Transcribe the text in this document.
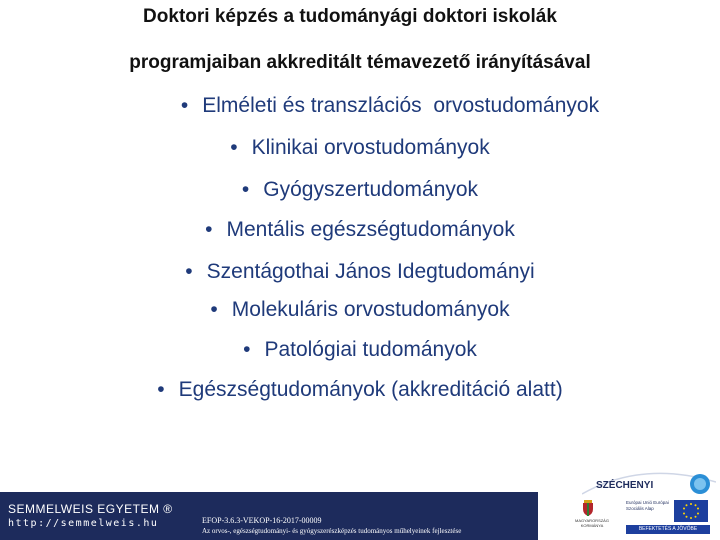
Doktori képzés a tudományági doktori iskolák
programjaiban akkreditált témavezető irányításával
• Elméleti és transzlációs  orvostudományok
• Klinikai orvostudományok
• Gyógyszertudományok
• Mentális egészségtudományok
• Szentágothai János Idegtudományi
• Molekuláris orvostudományok
• Patológiai tudományok
• Egészségtudományok (akkreditáció alatt)
SEMMELWEIS EGYETEM ®
http://semmelweis.hu	EFOP-3.6.3-VEKOP-16-2017-00009
Az orvos-, egészségtudományi- és gyógyszerészképzés tudományos műhelyeinek fejlesztése
SZÉCHENYI
MAGYARORSZÁG KORMÁNYA
Európai Unió Európai Szociális Alap
BEFEKTETÉS A JÖVŐBE
